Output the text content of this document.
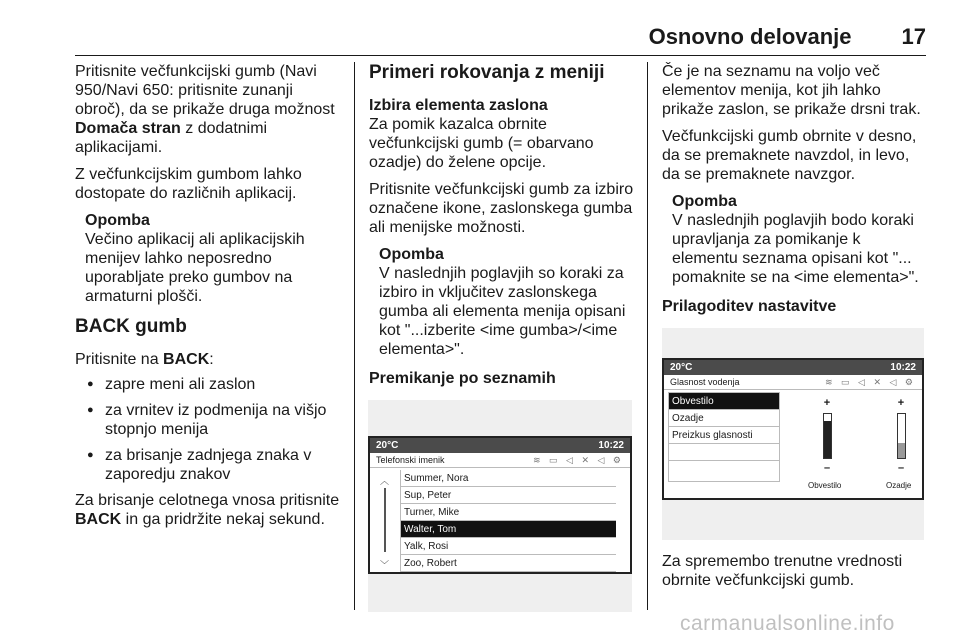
Osnovno delovanje 17

Pritisnite večfunkcijski gumb (Navi 950/Navi 650: pritisnite zunanji obroč), da se prikaže druga možnost Domača stran z dodatnimi aplikacijami.

Z večfunkcijskim gumbom lahko dostopate do različnih aplikacij.

Opomba
Večino aplikacij ali aplikacijskih menijev lahko neposredno uporabljate preko gumbov na armaturni plošči.
BACK gumb

Pritisnite na BACK:

● zapre meni ali zaslon
● za vrnitev iz podmenija na višjo stopnjo menija
● za brisanje zadnjega znaka v zaporedju znakov

Za brisanje celotnega vnosa pritisnite BACK in ga pridržite nekaj sekund.

Primeri rokovanja z meniji
Izbira elementa zaslona

Za pomik kazalca obrnite večfunkcijski gumb (= obarvano ozadje) do želene opcije.

Pritisnite večfunkcijski gumb za izbiro označene ikone, zaslonskega gumba ali menijske možnosti.

Opomba
V naslednjih poglavjih so koraki za izbiro in vključitev zaslonskega gumba ali elementa menija opisani kot "...izberite <ime gumba>/<ime elementa>".
Premikanje po seznamih
20°C	10:22
Telefonski imenik	≋ ▭ ◁ ✕ ◁ ⚙
︿
﹀
Summer, Nora
Sup, Peter
Turner, Mike
Walter, Tom
Yalk, Rosi
Zoo, Robert

Če je na seznamu na voljo več elementov menija, kot jih lahko prikaže zaslon, se prikaže drsni trak.

Večfunkcijski gumb obrnite v desno, da se premaknete navzdol, in levo, da se premaknete navzgor.

Opomba
V naslednjih poglavjih bodo koraki upravljanja za pomikanje k elementu seznama opisani kot "... pomaknite se na <ime elementa>".
Prilagoditev nastavitve
20°C	10:22
Glasnost vodenja	≋ ▭ ◁ ✕ ◁ ⚙
Obvestilo
Ozadje
Preizkus glasnosti
+
–
+
–
Obvestilo	Ozadje

Za spremembo trenutne vrednosti obrnite večfunkcijski gumb.

carmanualsonline.info
